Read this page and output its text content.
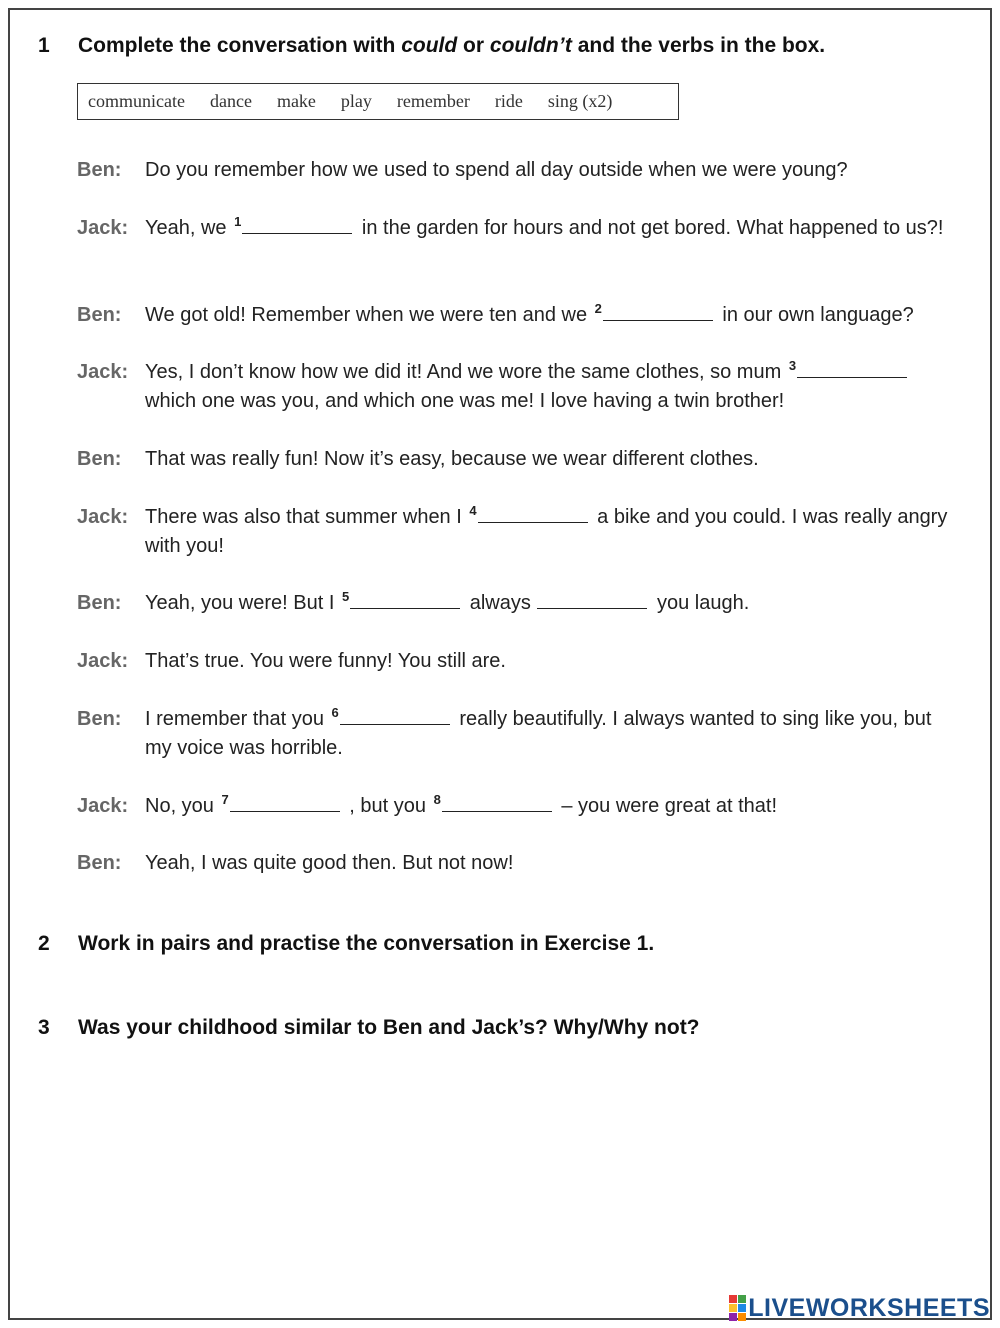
1	Complete the conversation with could or couldn’t and the verbs in the box.
communicate dance make play remember ride sing (x2)
Ben:	Do you remember how we used to spend all day outside when we were young?
Jack: Yeah, we $^1$	in the garden for hours and not get bored. What happened to us?!
Ben:	We got old! Remember when we were ten and we $^2$	in our own language?
Jack: Yes, I don’t know how we did it! And we wore the same clothes, so mum $^3$ which one was you, and which one was me! I love having a twin brother!
Ben:	That was really fun! Now it’s easy, because we wear different clothes.
Jack: There was also that summer when I $^4$	a bike and you could. I was really angry with you!
Ben:	Yeah, you were! But I $^5$	always	you laugh.
Jack: That’s true. You were funny! You still are.
Ben:	I remember that you $^6$	really beautifully. I always wanted to sing like you, but my voice was horrible.
Jack: No, you $^7$	, but you $^8$	– you were great at that!
Ben:	Yeah, I was quite good then. But not now!
2	Work in pairs and practise the conversation in Exercise 1.
3	Was your childhood similar to Ben and Jack’s? Why/Why not?
LIVEWORKSHEETS
